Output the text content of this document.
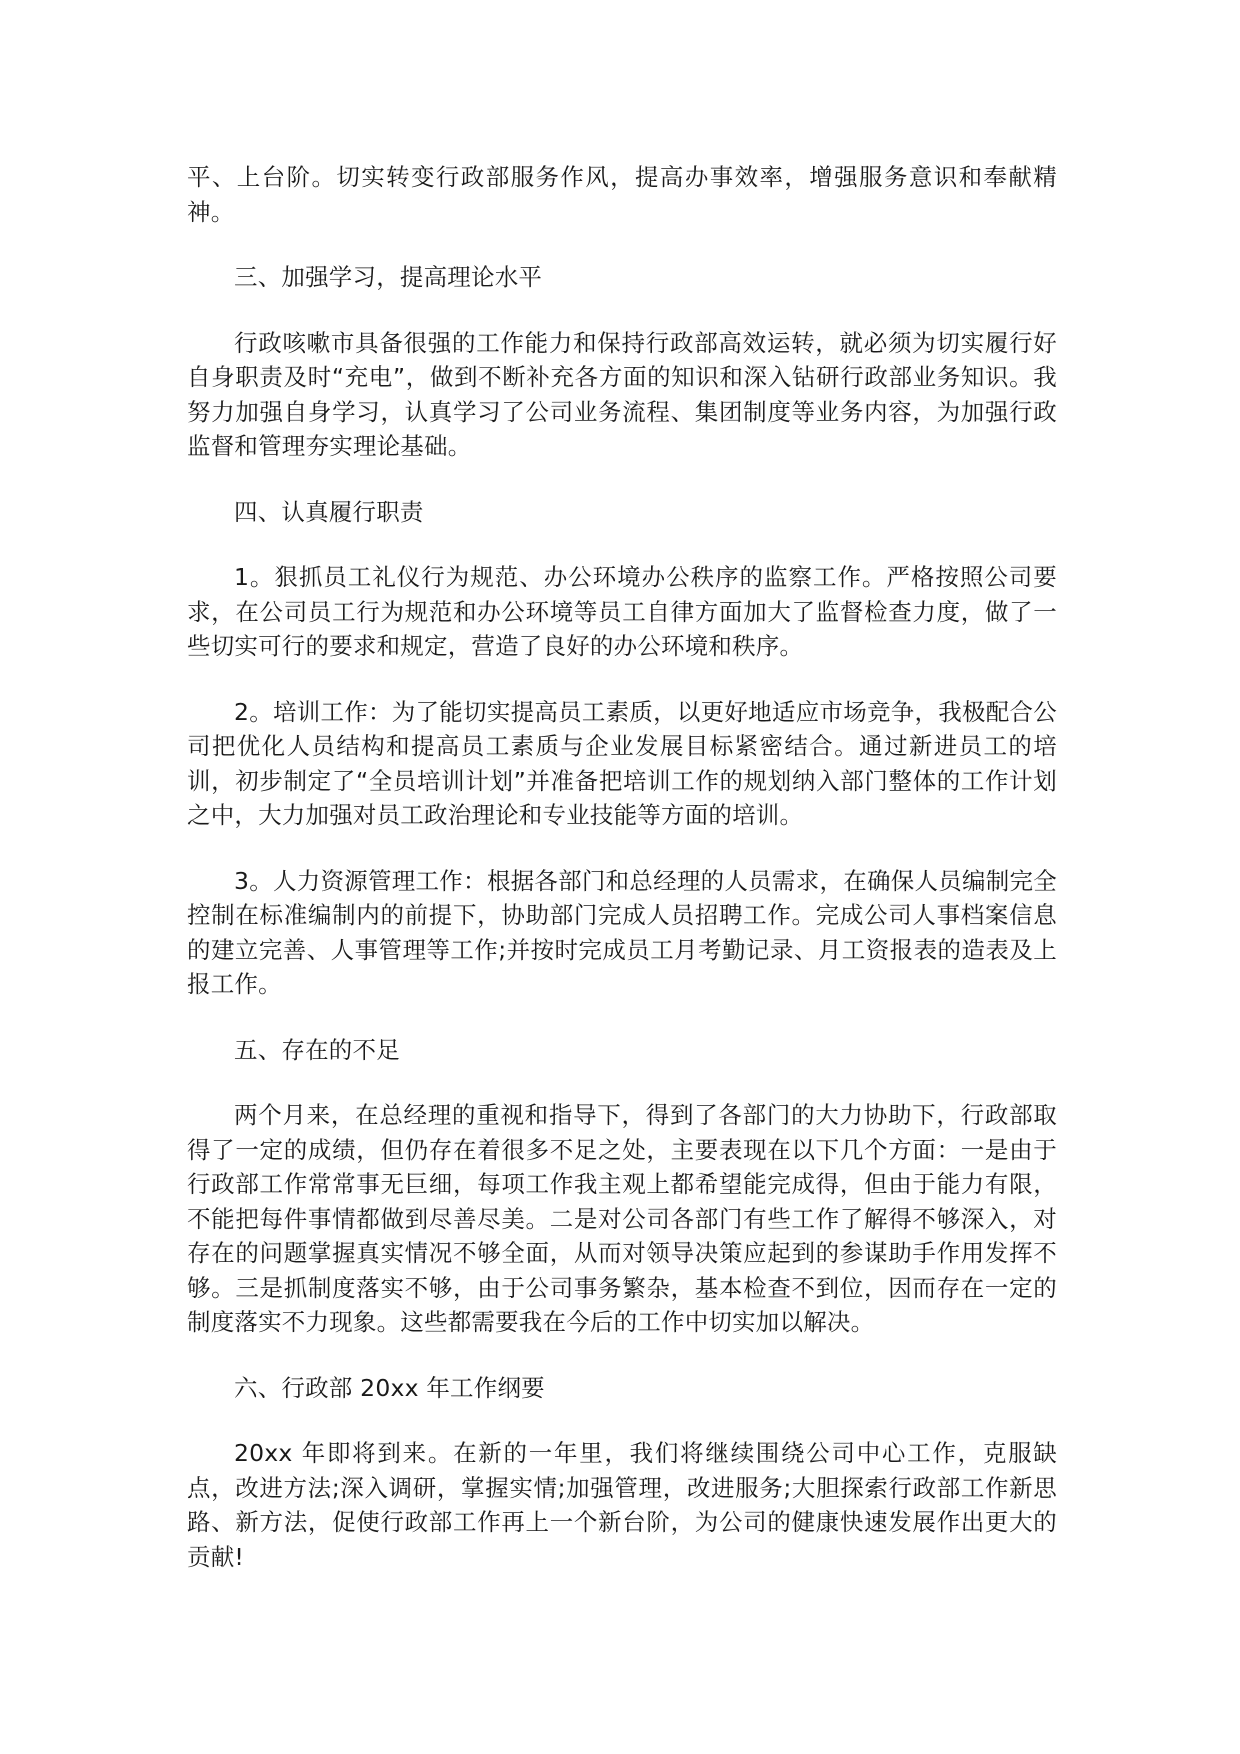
平、上台阶。切实转变行政部服务作风，提高办事效率，增强服务意识和奉献精神。

三、加强学习，提高理论水平

行政咳嗽市具备很强的工作能力和保持行政部高效运转，就必须为切实履行好自身职责及时“充电”，做到不断补充各方面的知识和深入钻研行政部业务知识。我努力加强自身学习，认真学习了公司业务流程、集团制度等业务内容，为加强行政监督和管理夯实理论基础。

四、认真履行职责

1。狠抓员工礼仪行为规范、办公环境办公秩序的监察工作。严格按照公司要求，在公司员工行为规范和办公环境等员工自律方面加大了监督检查力度，做了一些切实可行的要求和规定，营造了良好的办公环境和秩序。

2。培训工作：为了能切实提高员工素质，以更好地适应市场竞争，我极配合公司把优化人员结构和提高员工素质与企业发展目标紧密结合。通过新进员工的培训，初步制定了“全员培训计划”并准备把培训工作的规划纳入部门整体的工作计划之中，大力加强对员工政治理论和专业技能等方面的培训。

3。人力资源管理工作：根据各部门和总经理的人员需求，在确保人员编制完全控制在标准编制内的前提下，协助部门完成人员招聘工作。完成公司人事档案信息的建立完善、人事管理等工作;并按时完成员工月考勤记录、月工资报表的造表及上报工作。

五、存在的不足

两个月来，在总经理的重视和指导下，得到了各部门的大力协助下，行政部取得了一定的成绩，但仍存在着很多不足之处，主要表现在以下几个方面：一是由于行政部工作常常事无巨细，每项工作我主观上都希望能完成得，但由于能力有限，不能把每件事情都做到尽善尽美。二是对公司各部门有些工作了解得不够深入，对存在的问题掌握真实情况不够全面，从而对领导决策应起到的参谋助手作用发挥不够。三是抓制度落实不够，由于公司事务繁杂，基本检查不到位，因而存在一定的制度落实不力现象。这些都需要我在今后的工作中切实加以解决。

六、行政部 20xx 年工作纲要

20xx 年即将到来。在新的一年里，我们将继续围绕公司中心工作，克服缺点，改进方法;深入调研，掌握实情;加强管理，改进服务;大胆探索行政部工作新思路、新方法，促使行政部工作再上一个新台阶，为公司的健康快速发展作出更大的贡献!
